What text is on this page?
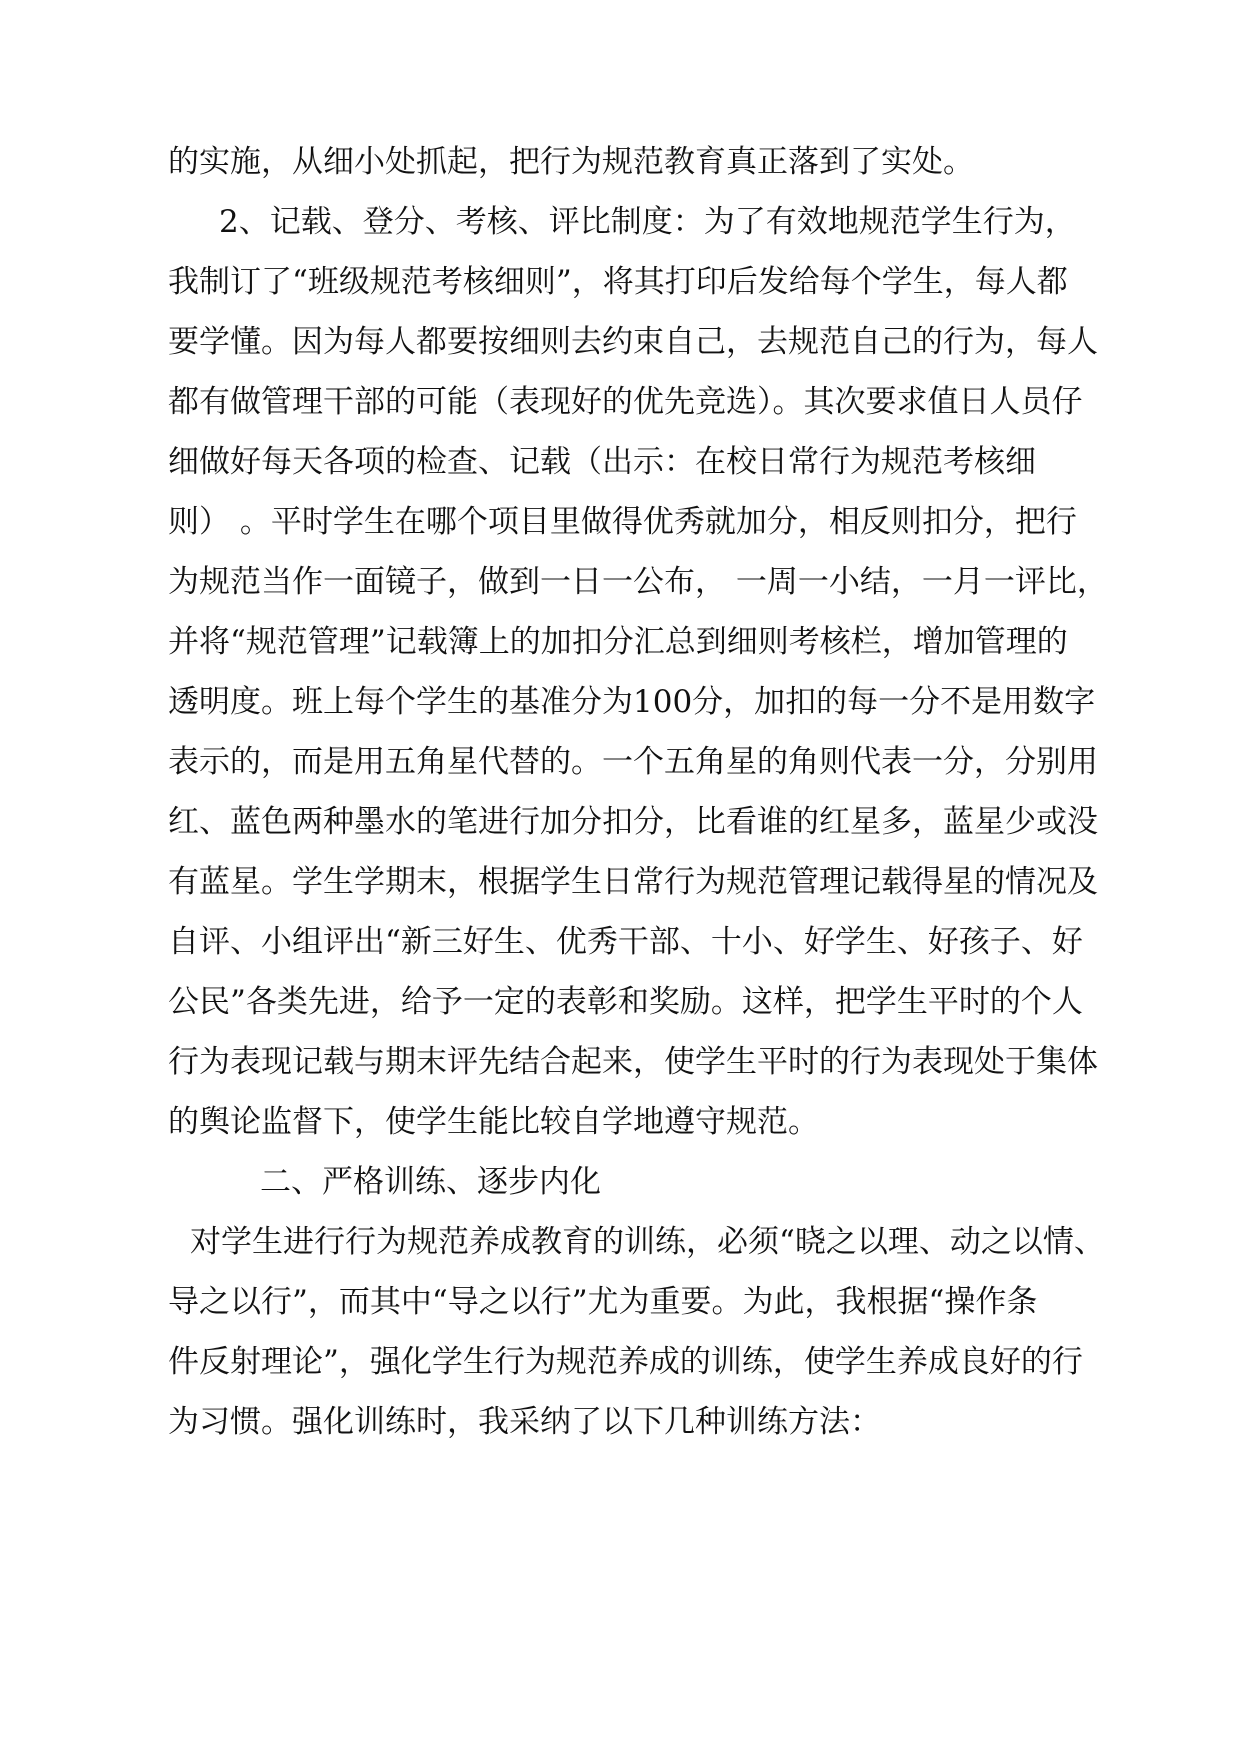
的实施，从细小处抓起，把行为规范教育真正落到了实处。
2、记载、登分、考核、评比制度：为了有效地规范学生行为，
我制订了“班级规范考核细则”，将其打印后发给每个学生，每人都
要学懂。因为每人都要按细则去约束自己，去规范自己的行为，每人
都有做管理干部的可能（表现好的优先竞选）。其次要求值日人员仔
细做好每天各项的检查、记载（出示：在校日常行为规范考核细
则） 。平时学生在哪个项目里做得优秀就加分，相反则扣分，把行
为规范当作一面镜子，做到一日一公布， 一周一小结，一月一评比，
并将“规范管理”记载簿上的加扣分汇总到细则考核栏，增加管理的
透明度。班上每个学生的基准分为100分，加扣的每一分不是用数字
表示的，而是用五角星代替的。一个五角星的角则代表一分，分别用
红、蓝色两种墨水的笔进行加分扣分，比看谁的红星多，蓝星少或没
有蓝星。学生学期末，根据学生日常行为规范管理记载得星的情况及
自评、小组评出“新三好生、优秀干部、十小、好学生、好孩子、好
公民”各类先进，给予一定的表彰和奖励。这样，把学生平时的个人
行为表现记载与期末评先结合起来，使学生平时的行为表现处于集体
的舆论监督下，使学生能比较自学地遵守规范。
二、严格训练、逐步内化
对学生进行行为规范养成教育的训练，必须“晓之以理、动之以情、
导之以行”，而其中“导之以行”尤为重要。为此，我根据“操作条
件反射理论”，强化学生行为规范养成的训练，使学生养成良好的行
为习惯。强化训练时，我采纳了以下几种训练方法：
